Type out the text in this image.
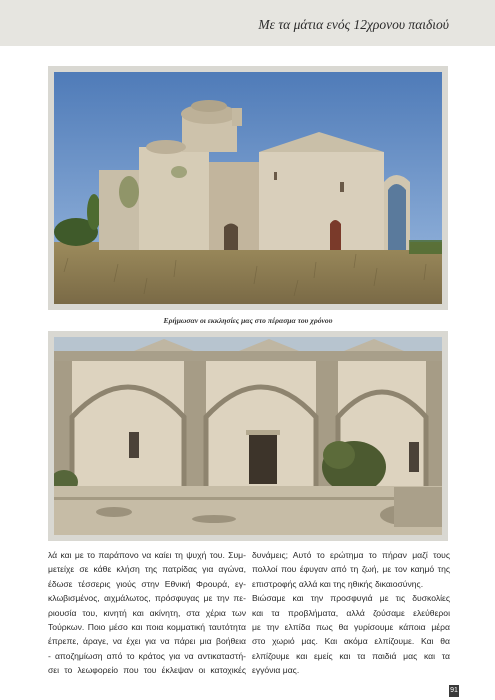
Με τα μάτια ενός 12χρονου παιδιού
Ερήμωσαν οι εκκλησίες μας στο πέρασμα του χρόνου
λά και με το παράπονο να καίει τη ψυχή του. Συμ-
μετείχε σε κάθε κλήση της πατρίδας για αγώνα,
έδωσε τέσσερις γιούς στην Εθνική Φρουρά, εγ-
κλωβισμένος, αιχμάλωτος, πρόσφυγας με την πε-
ριουσία του, κινητή και ακίνητη, στα χέρια των
Τούρκων. Ποιο μέσο και ποια κομματική ταυτότητα
έπρεπε, άραγε, να έχει για να πάρει μια βοήθεια
- αποζημίωση από το κράτος για να αντικαταστή-
σει το λεωφορείο που του έκλεψαν οι κατοχικές
δυνάμεις; Αυτό το ερώτημα το πήραν μαζί τους
πολλοί που έφυγαν από τη ζωή, με τον καημό της
επιστροφής αλλά και της ηθικής δικαιοσύνης.
Βιώσαμε και την προσφυγιά με τις δυσκολίες
και τα προβλήματα, αλλά ζούσαμε ελεύθεροι
με την ελπίδα πως θα γυρίσουμε κάποια μέρα
στο χωριό μας. Και ακόμα ελπίζουμε. Και θα
ελπίζουμε και εμείς και τα παιδιά μας και τα
εγγόνια μας.
91
